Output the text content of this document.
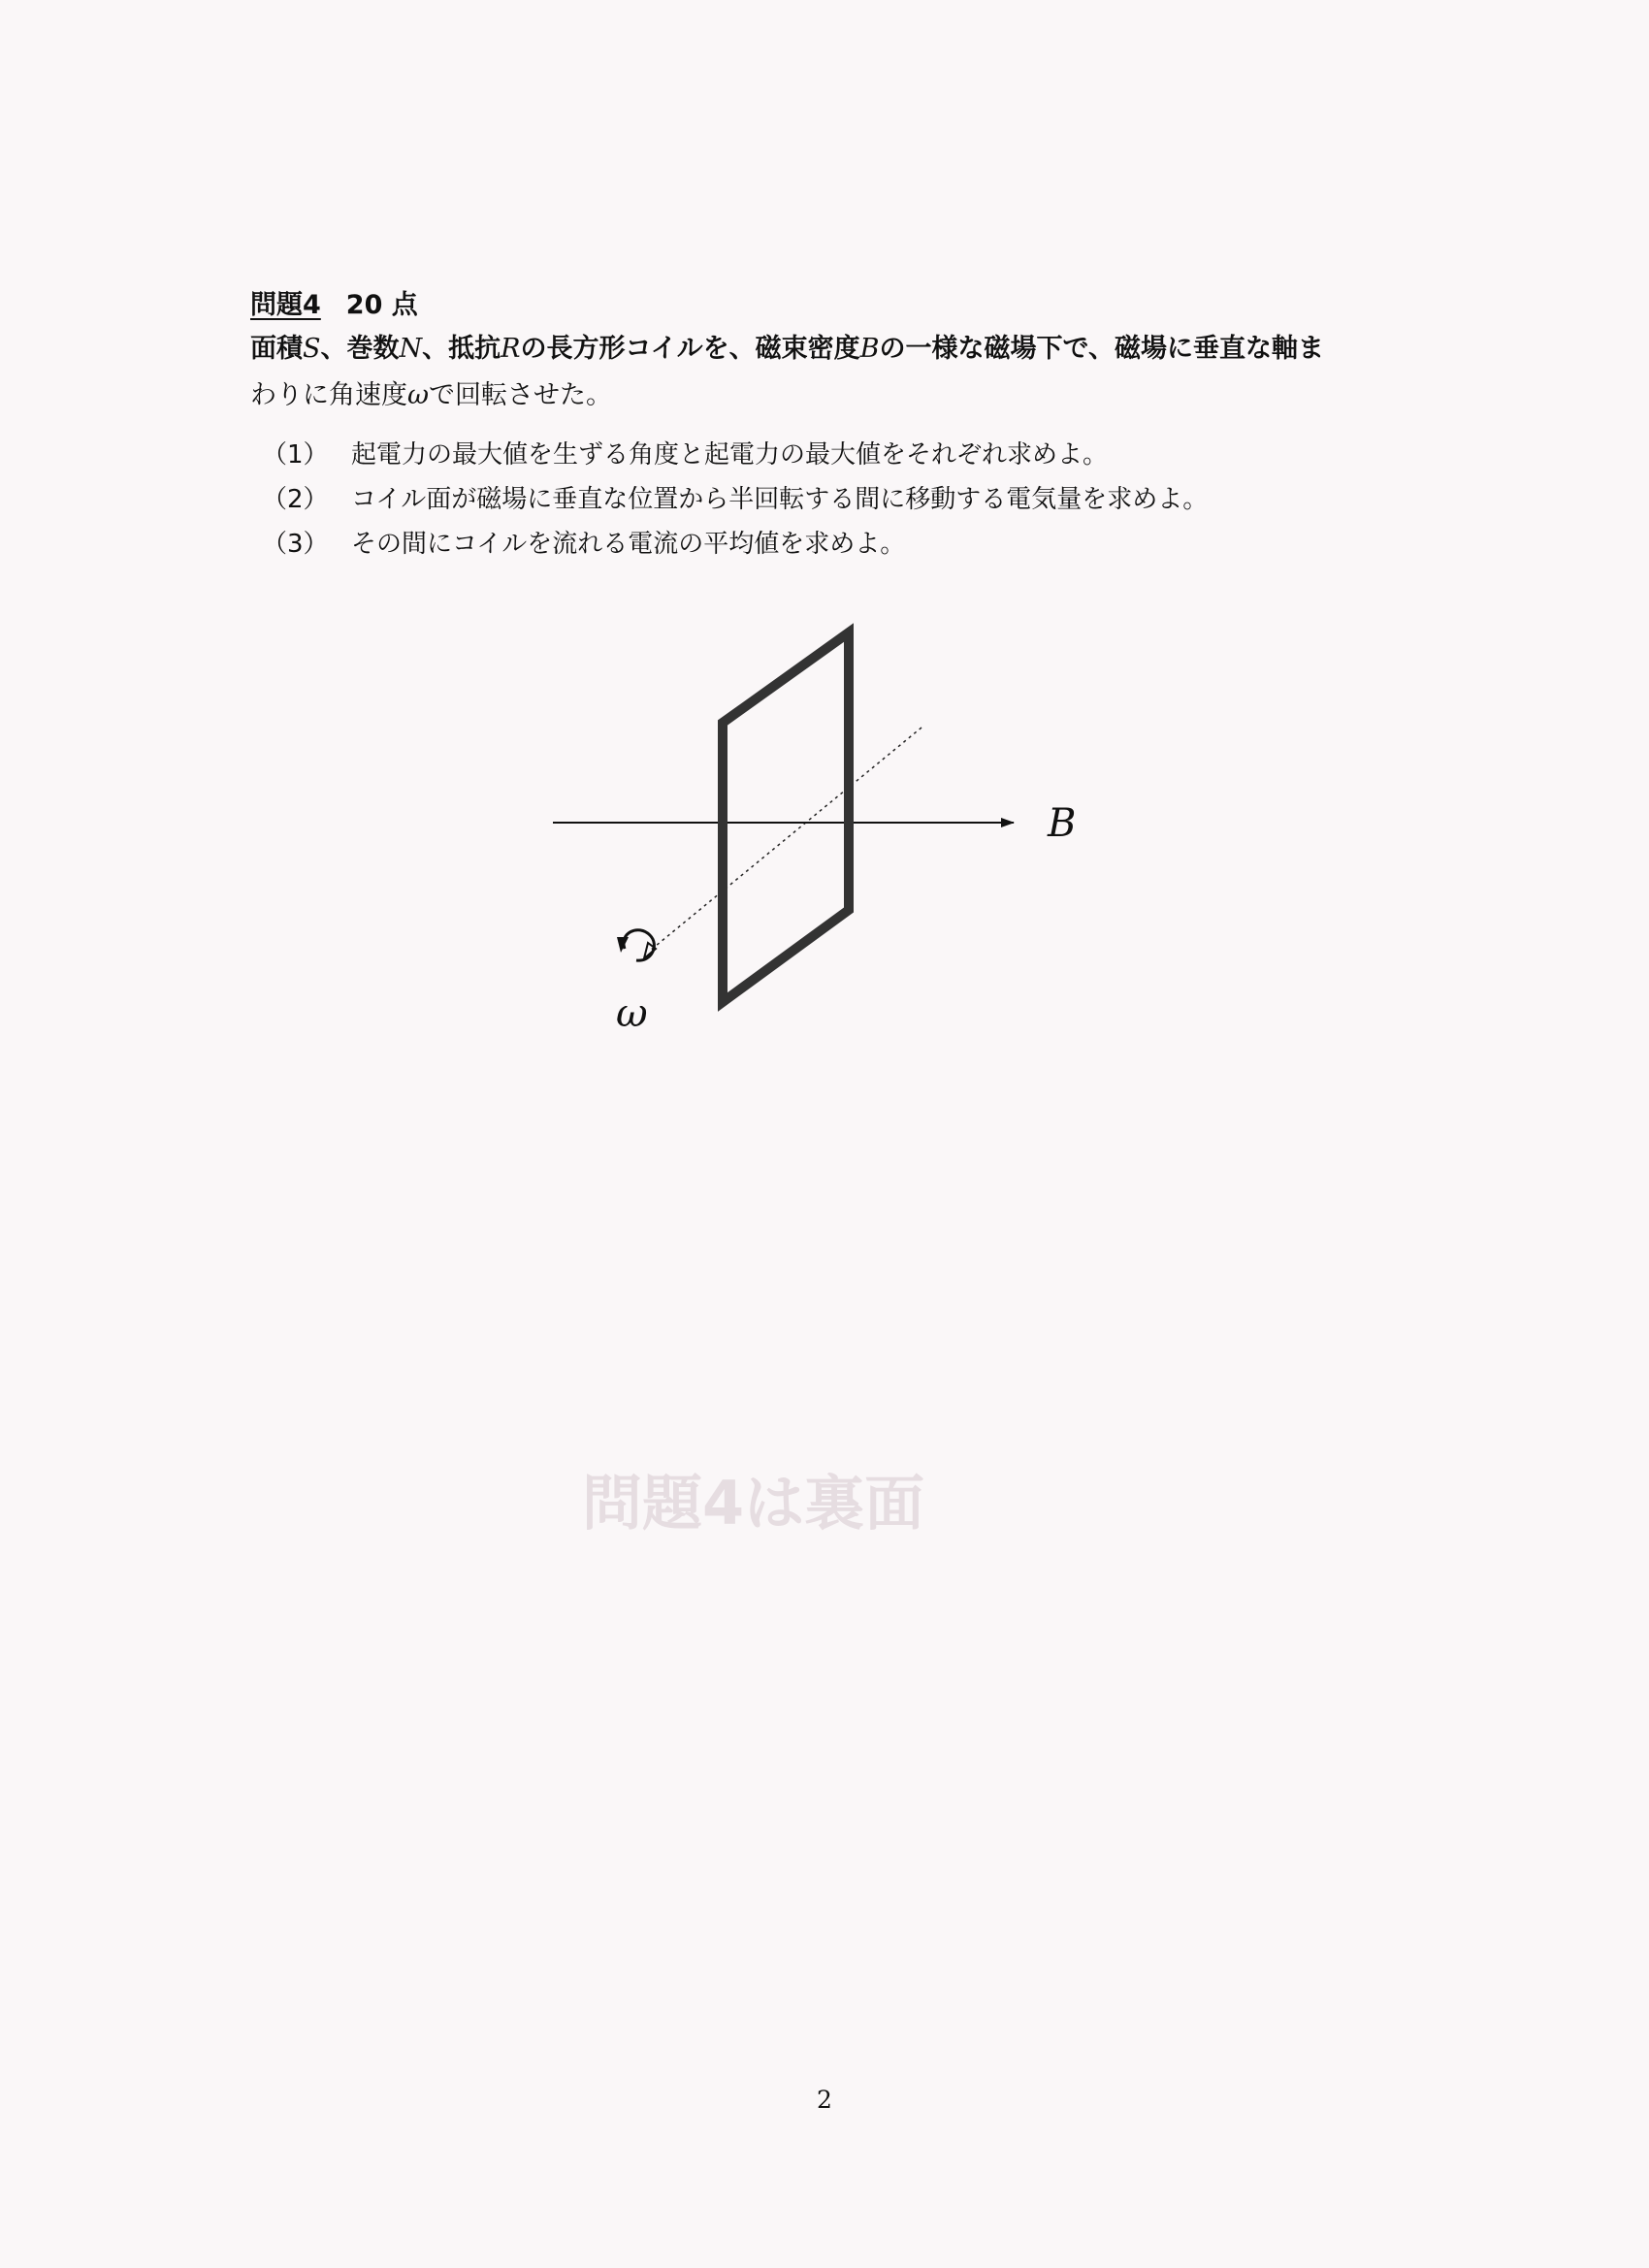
問題4は裏面
問題4 20 点
面積S、巻数N、抵抗Rの長方形コイルを、磁束密度Bの一様な磁場下で、磁場に垂直な軸ま
わりに角速度ωで回転させた。
（1） 起電力の最大値を生ずる角度と起電力の最大値をそれぞれ求めよ。
（2） コイル面が磁場に垂直な位置から半回転する間に移動する電気量を求めよ。
（3） その間にコイルを流れる電流の平均値を求めよ。
B
ω
2
